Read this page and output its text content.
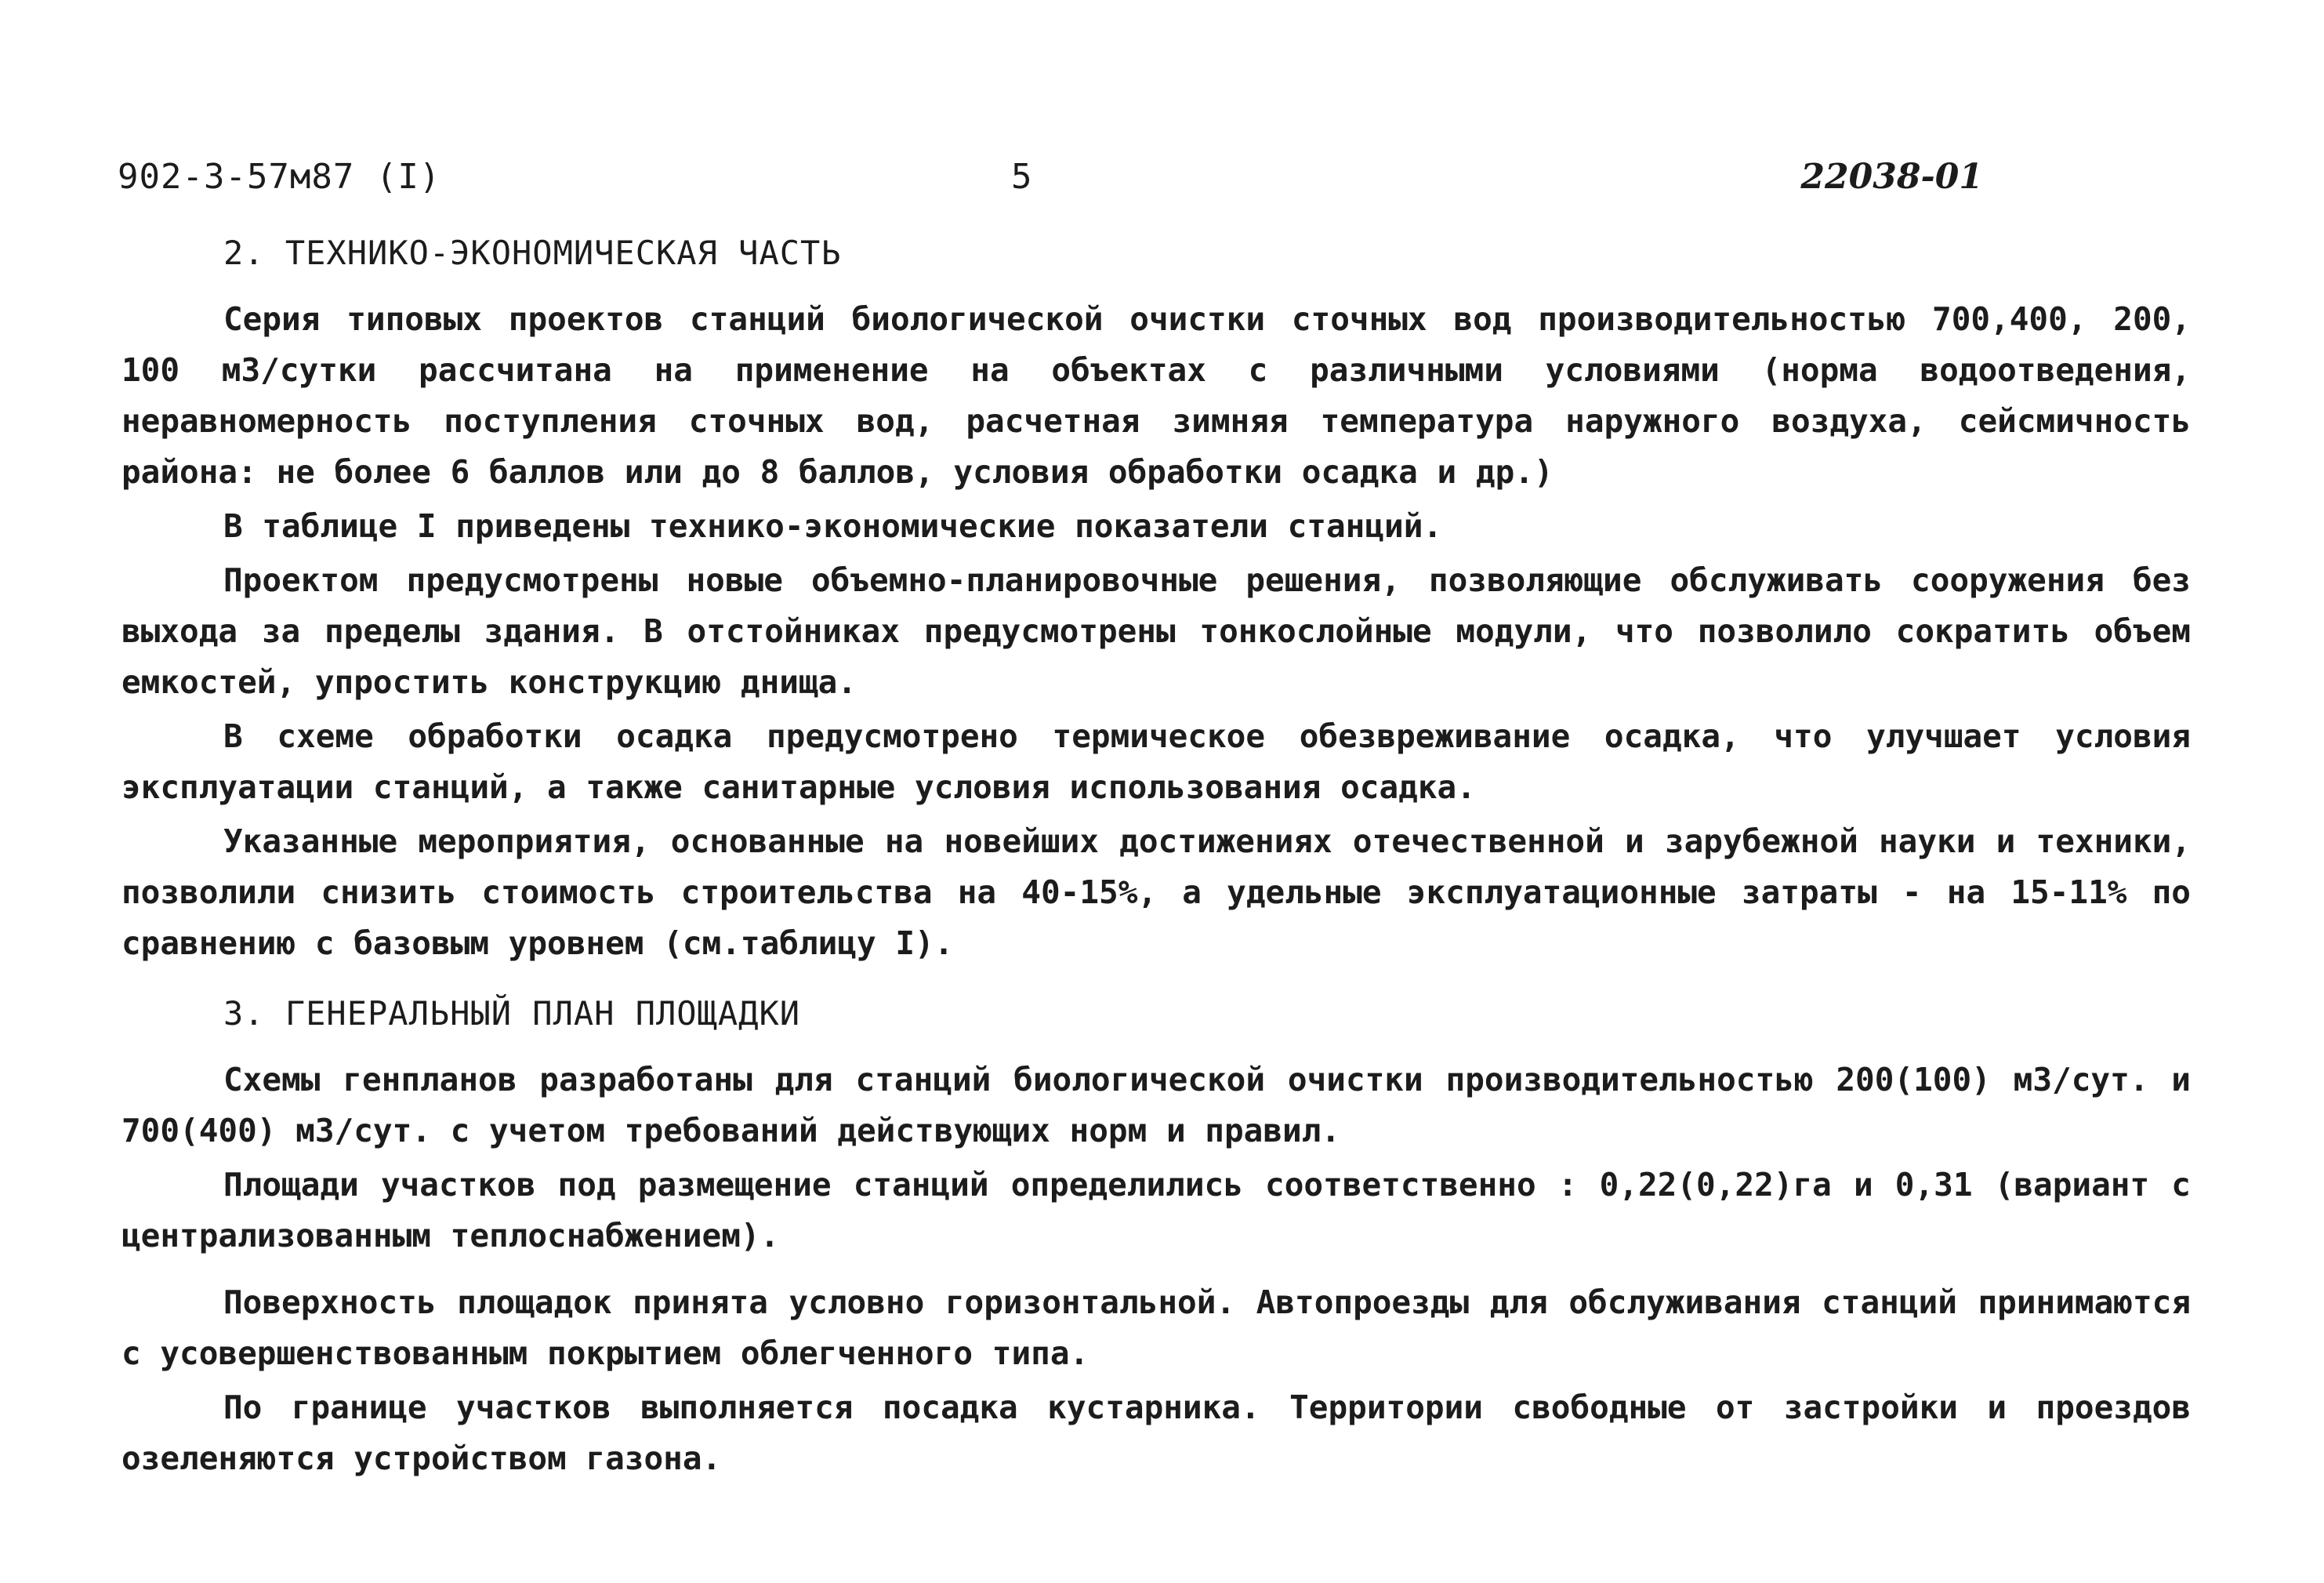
902-3-57м87 (I)	5	22038-01
2. ТЕХНИКО-ЭКОНОМИЧЕСКАЯ ЧАСТЬ

Серия типовых проектов станций биологической очистки сточных вод производительностью 700,400, 200, 100 м3/сутки рассчитана на применение на объектах с различными условиями (норма водоотведения, неравномерность поступления сточных вод, расчетная зимняя температура наружного воздуха, сейсмичность района: не более 6 баллов или до 8 баллов, условия обработки осадка и др.)

В таблице I приведены технико-экономические показатели станций.

Проектом предусмотрены новые объемно-планировочные решения, позволяющие обслуживать сооружения без выхода за пределы здания. В отстойниках предусмотрены тонкослойные модули, что позволило сократить объем емкостей, упростить конструкцию днища.

В схеме обработки осадка предусмотрено термическое обезвреживание осадка, что улучшает условия эксплуатации станций, а также санитарные условия использования осадка.

Указанные мероприятия, основанные на новейших достижениях отечественной и зарубежной науки и техники, позволили снизить стоимость строительства на 40-15%, а удельные эксплуатационные затраты - на 15-11% по сравнению с базовым уровнем (см.таблицу I).

3. ГЕНЕРАЛЬНЫЙ ПЛАН ПЛОЩАДКИ

Схемы генпланов разработаны для станций биологической очистки производительностью 200(100) м3/сут. и 700(400) м3/сут. с учетом требований действующих норм и правил.

Площади участков под размещение станций определились соответственно : 0,22(0,22)га и 0,31 (вариант с централизованным теплоснабжением).

Поверхность площадок принята условно горизонтальной. Автопроезды для обслуживания станций принимаются с усовершенствованным покрытием облегченного типа.

По границе участков выполняется посадка кустарника. Территории свободные от застройки и проездов озеленяются устройством газона.
